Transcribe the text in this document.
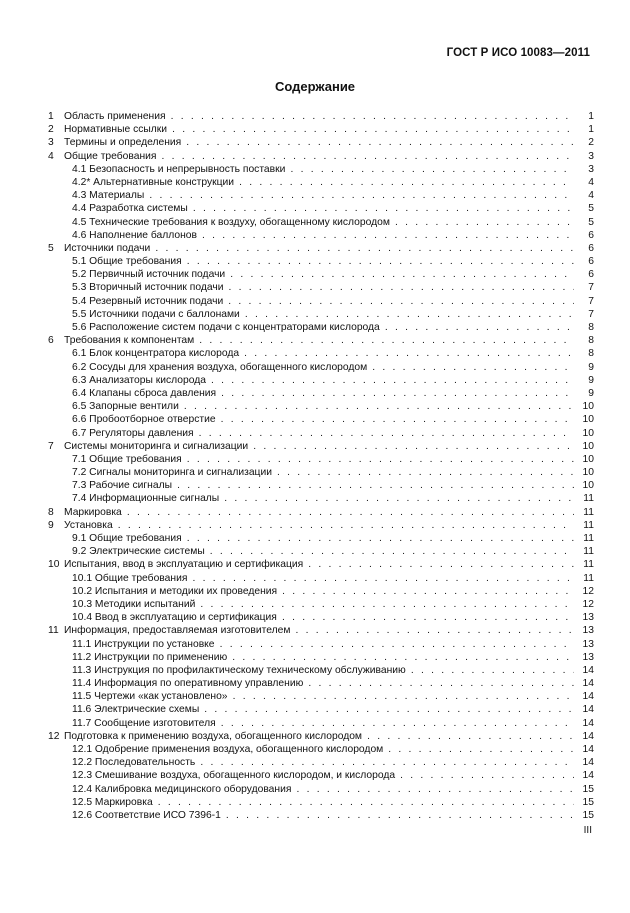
ГОСТ Р ИСО 10083—2011
Содержание
1 Область применения . . .	1
2 Нормативные ссылки . . .	1
3 Термины и определения . . .	2
4 Общие требования . . .	3
4.1 Безопасность и непрерывность поставки . . .	3
4.2* Альтернативные конструкции . . .	4
4.3 Материалы . . .	4
4.4 Разработка системы . . .	5
4.5 Технические требования к воздуху, обогащенному кислородом . . .	5
4.6 Наполнение баллонов . . .	6
5 Источники подачи . . .	6
5.1 Общие требования . . .	6
5.2 Первичный источник подачи . . .	6
5.3 Вторичный источник подачи . . .	7
5.4 Резервный источник подачи . . .	7
5.5 Источники подачи с баллонами . . .	7
5.6 Расположение систем подачи с концентраторами кислорода . . .	8
6 Требования к компонентам . . .	8
6.1 Блок концентратора кислорода . . .	8
6.2 Сосуды для хранения воздуха, обогащенного кислородом . . .	9
6.3 Анализаторы кислорода . . .	9
6.4 Клапаны сброса давления . . .	9
6.5 Запорные вентили . . .	10
6.6 Пробоотборное отверстие . . .	10
6.7 Регуляторы давления . . .	10
7 Системы мониторинга и сигнализации . . .	10
7.1 Общие требования . . .	10
7.2 Сигналы мониторинга и сигнализации . . .	10
7.3 Рабочие сигналы . . .	10
7.4 Информационные сигналы . . .	11
8 Маркировка . . .	11
9 Установка . . .	11
9.1 Общие требования . . .	11
9.2 Электрические системы . . .	11
10 Испытания, ввод в эксплуатацию и сертификация . . .	11
10.1 Общие требования . . .	11
10.2 Испытания и методики их проведения . . .	12
10.3 Методики испытаний . . .	12
10.4 Ввод в эксплуатацию и сертификация . . .	13
11 Информация, предоставляемая изготовителем . . .	13
11.1 Инструкции по установке . . .	13
11.2 Инструкции по применению . . .	13
11.3 Инструкция по профилактическому техническому обслуживанию . . .	14
11.4 Информация по оперативному управлению . . .	14
11.5 Чертежи «как установлено» . . .	14
11.6 Электрические схемы . . .	14
11.7 Сообщение изготовителя . . .	14
12 Подготовка к применению воздуха, обогащенного кислородом . . .	14
12.1 Одобрение применения воздуха, обогащенного кислородом . . .	14
12.2 Последовательность . . .	14
12.3 Смешивание воздуха, обогащенного кислородом, и кислорода . . .	14
12.4 Калибровка медицинского оборудования . . .	15
12.5 Маркировка . . .	15
12.6 Соответствие ИСО 7396-1 . . .	15
III
